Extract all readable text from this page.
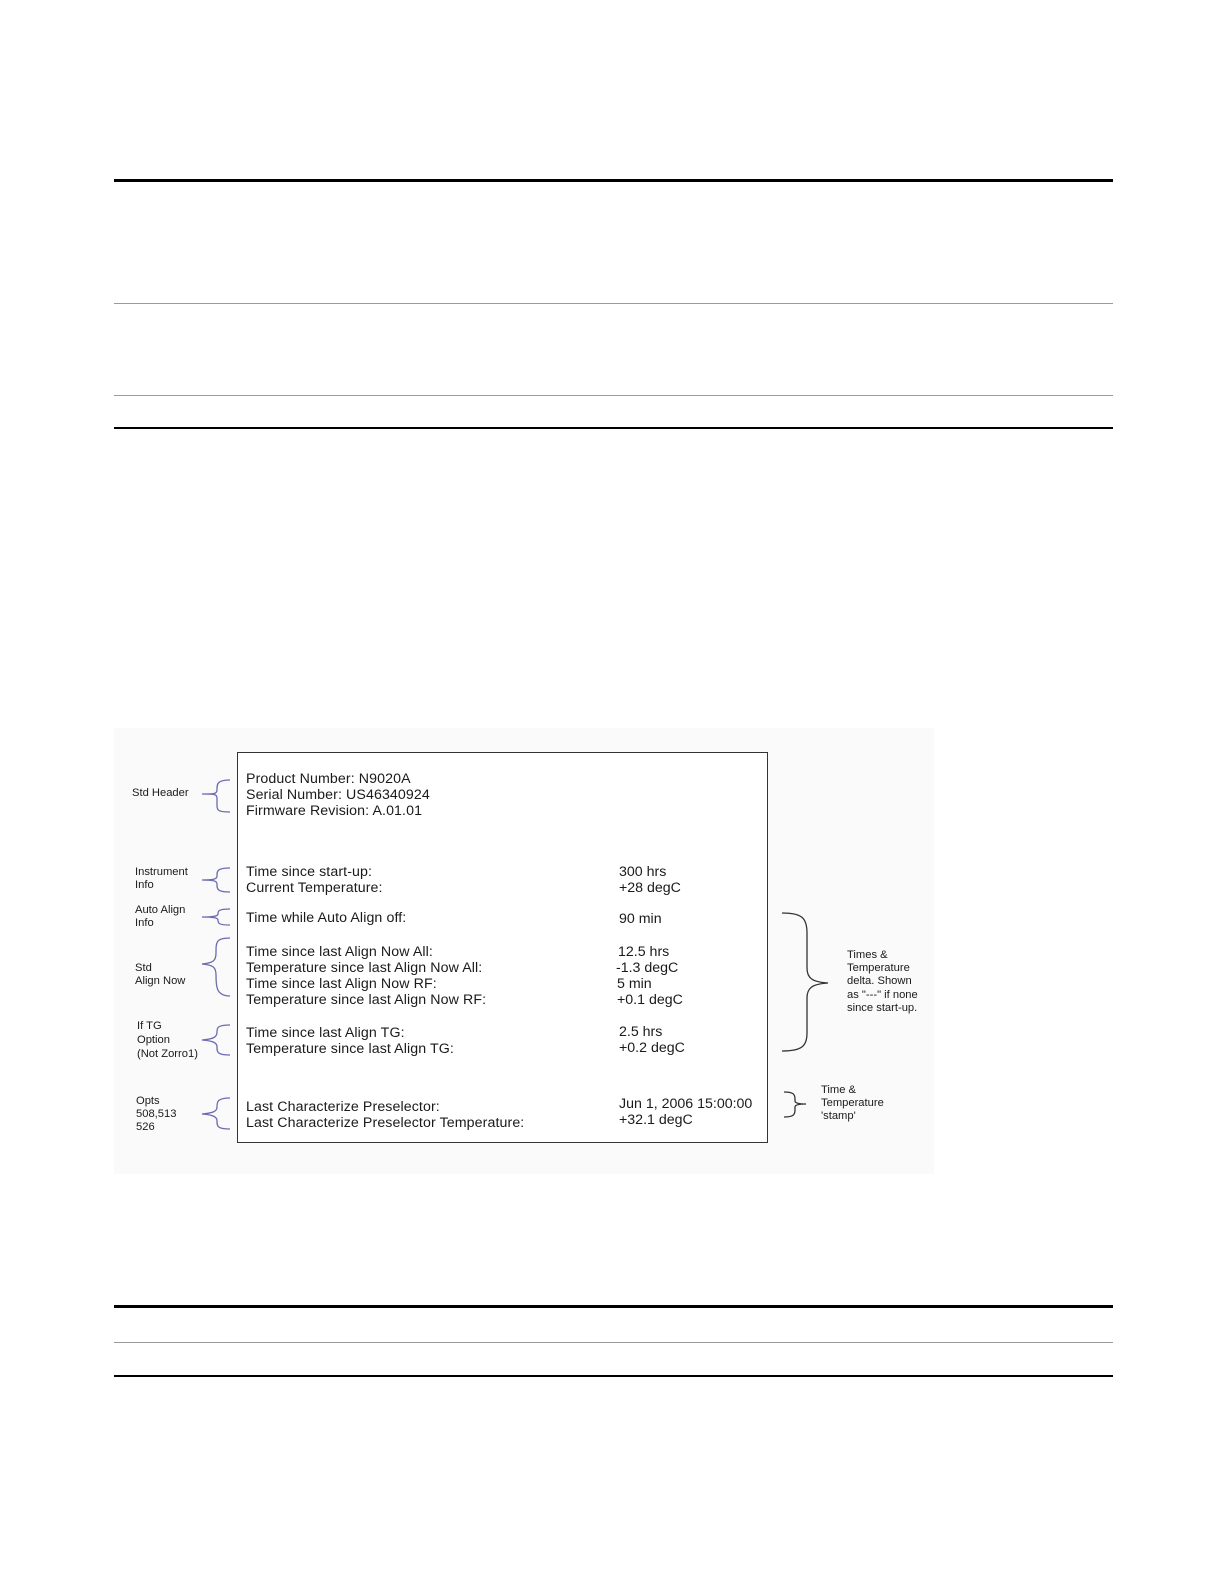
Std Header
Instrument
Info
Auto Align
Info
Std
Align Now
If TG
Option
(Not Zorro1)
Opts
508,513
526
Product Number: N9020A
Serial Number: US46340924
Firmware Revision: A.01.01
Time since start-up:	300 hrs
Current Temperature:	+28 degC
Time while Auto Align off:	90 min
Time since last Align Now All:	12.5 hrs
Temperature since last Align Now All:	-1.3 degC
Time since last Align Now RF:	5 min
Temperature since last Align Now RF:	+0.1 degC
Time since last Align TG:	2.5 hrs
Temperature since last Align TG:	+0.2 degC
Last Characterize Preselector:	Jun 1, 2006 15:00:00
Last Characterize Preselector Temperature:	+32.1 degC
Times &
Temperature
delta. Shown
as "---" if none
since start-up.
Time &
Temperature
'stamp'
